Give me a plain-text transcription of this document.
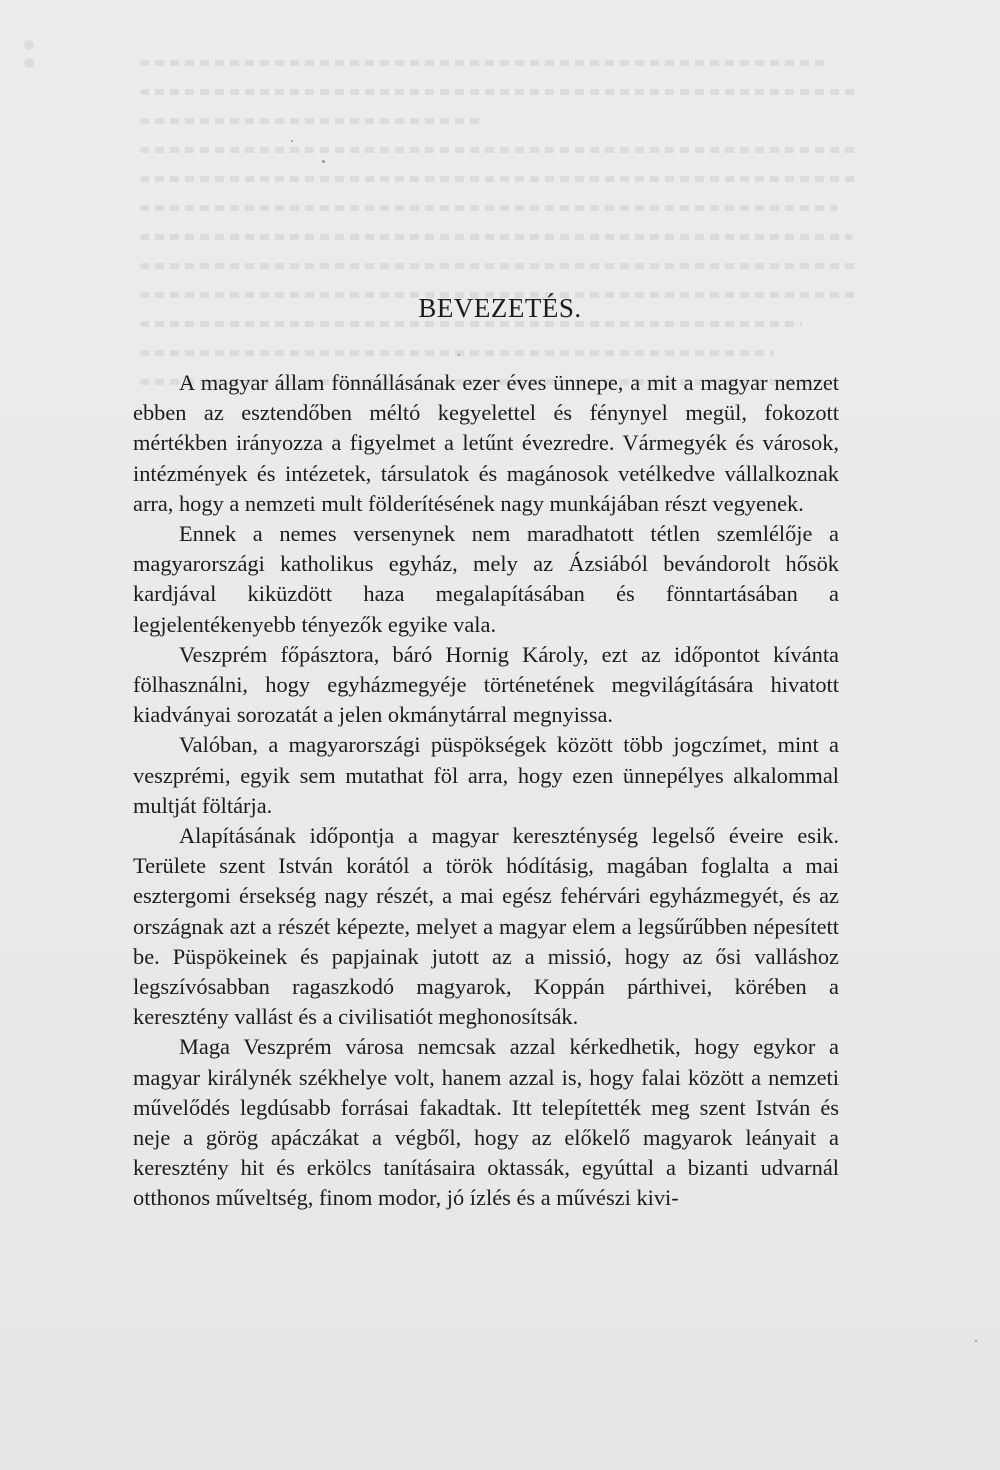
BEVEZETÉS.

A magyar állam fönnállásának ezer éves ünnepe, a mit a magyar nemzet ebben az esztendőben méltó kegyelettel és fénynyel megül, fokozott mértékben irányozza a figyelmet a letűnt évezredre. Vármegyék és városok, intézmények és intézetek, társulatok és magánosok vetélkedve vállalkoznak arra, hogy a nemzeti mult földerítésének nagy munkájában részt vegyenek.

Ennek a nemes versenynek nem maradhatott tétlen szemlélője a magyarországi katholikus egyház, mely az Ázsiából bevándorolt hősök kardjával kiküzdött haza megalapításában és fönntartásában a legjelentékenyebb tényezők egyike vala.

Veszprém főpásztora, báró Hornig Károly, ezt az időpontot kívánta fölhasználni, hogy egyházmegyéje történetének megvilágítására hivatott kiadványai sorozatát a jelen okmánytárral megnyissa.

Valóban, a magyarországi püspökségek között több jogczímet, mint a veszprémi, egyik sem mutathat föl arra, hogy ezen ünnepélyes alkalommal multját föltárja.

Alapításának időpontja a magyar kereszténység legelső éveire esik. Területe szent István korától a török hódításig, magában foglalta a mai esztergomi érsekség nagy részét, a mai egész fehérvári egyházmegyét, és az országnak azt a részét képezte, melyet a magyar elem a legsűrűbben népesített be. Püspökeinek és papjainak jutott az a missió, hogy az ősi valláshoz legszívósabban ragaszkodó magyarok, Koppán párthivei, körében a keresztény vallást és a civilisatiót meghonosítsák.

Maga Veszprém városa nemcsak azzal kérkedhetik, hogy egykor a magyar királynék székhelye volt, hanem azzal is, hogy falai között a nemzeti művelődés legdúsabb forrásai fakadtak. Itt telepítették meg szent István és neje a görög apáczákat a végből, hogy az előkelő magyarok leányait a keresztény hit és erkölcs tanításaira oktassák, egyúttal a bizanti udvarnál otthonos műveltség, finom modor, jó ízlés és a művészi kivi-
